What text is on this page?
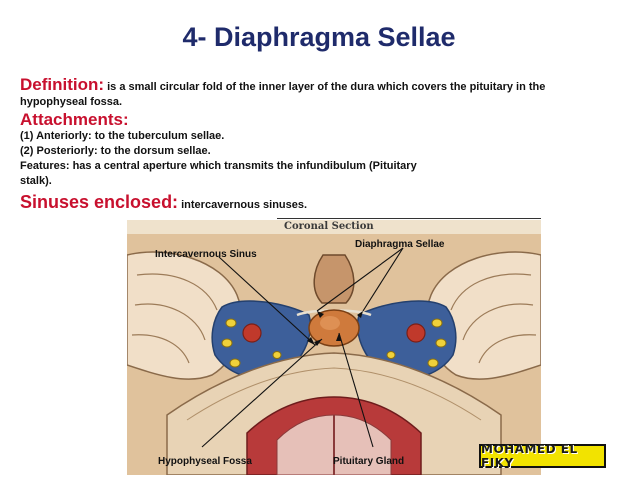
4- Diaphragma Sellae
Definition: is a small circular fold of the inner layer of the dura which covers the pituitary in the
hypophyseal fossa.
Attachments:
(1) Anteriorly: to the tuberculum sellae.
(2) Posteriorly: to the dorsum sellae.
Features: has a central aperture which transmits the infundibulum (Pituitary
stalk).
Sinuses enclosed: intercavernous sinuses.
Coronal Section
Intercavernous Sinus
Diaphragma Sellae
Hypophyseal Fossa	Pituitary Gland
MOHAMED EL FIKY
